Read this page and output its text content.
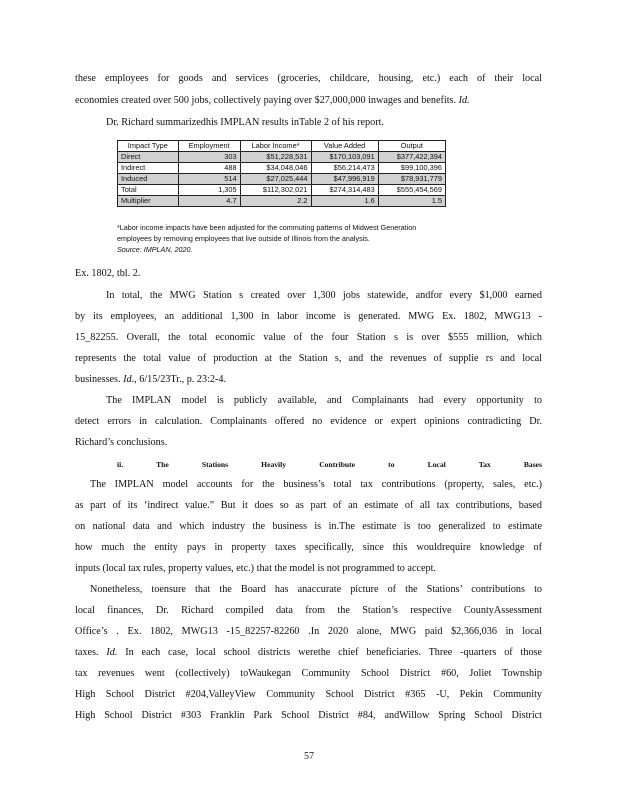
these employees for goods and services (groceries, childcare, housing, etc.) each of their local
economies created over 500 jobs, collectively paying over $27,000,000 inwages and benefits. Id.
Dr. Richard summarizedhis IMPLAN results inTable 2 of his report.
Impact Type	Employment	Labor Income*	Value Added	Output
Direct	303	$51,228,531	$170,103,091	$377,422,394
Indirect	488	$34,048,046	$56,214,473	$99,100,396
Induced	514	$27,025,444	$47,996,919	$78,931,779
Total	1,305	$112,302,021	$274,314,483	$555,454,569
Multiplier	4.7	2.2	1.6	1.5
*Labor income impacts have been adjusted for the commuting patterns of Midwest Generation
employees by removing employees that live outside of Illinois from the analysis.
Source: IMPLAN, 2020.
Ex. 1802, tbl. 2.
In total, the MWG Station s created over 1,300 jobs statewide, andfor every $1,000 earned
by its employees, an additional 1,300 in labor income is generated. MWG Ex. 1802, MWG13 -
15_82255. Overall, the total economic value of the four Station s is over $555 million, which
represents the total value of production at the Station s, and the revenues of supplie rs and local
businesses. Id., 6/15/23Tr., p. 23:2-4.
The IMPLAN model is publicly available, and Complainants had every opportunity to
detect errors in calculation. Complainants offered no evidence or expert opinions contradicting Dr.
Richard’s conclusions.
ii. The Stations Heavily Contribute to Local Tax Bases
The IMPLAN model accounts for the business’s total tax contributions (property, sales, etc.)
as part of its ‘indirect value.” But it does so as part of an estimate of all tax contributions, based
on national data and which industry the business is in.The estimate is too generalized to estimate
how much the entity pays in property taxes specifically, since this wouldrequire knowledge of
inputs (local tax rules, property values, etc.) that the model is not programmed to accept.
Nonetheless, toensure that the Board has anaccurate picture of the Stations’ contributions to
local finances, Dr. Richard compiled data from the Station’s respective CountyAssessment
Office’s . Ex. 1802, MWG13 -15_82257-82260 .In 2020 alone, MWG paid $2,366,036 in local
taxes. Id. In each case, local school districts werethe chief beneficiaries. Three -quarters of those
tax revenues went (collectively) toWaukegan Community School District #60, Joliet Township
High School District #204,ValleyView Community School District #365 -U, Pekin Community
High School District #303 Franklin Park School District #84, andWillow Spring School District
57
